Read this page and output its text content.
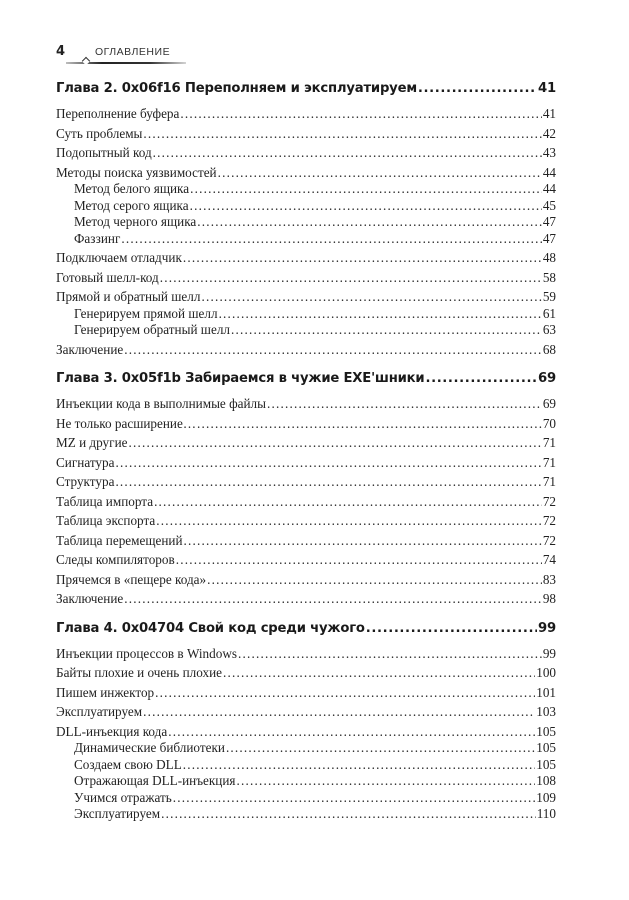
4	ОГЛАВЛЕНИЕ
Глава 2. 0x06f16 Переполняем и эксплуатируем .....	41
Переполнение буфера .....	41
Суть проблемы .....	42
Подопытный код .....	43
Методы поиска уязвимостей .....	44
Метод белого ящика .....	44
Метод серого ящика .....	45
Метод черного ящика .....	47
Фаззинг .....	47
Подключаем отладчик .....	48
Готовый шелл-код .....	58
Прямой и обратный шелл .....	59
Генерируем прямой шелл .....	61
Генерируем обратный шелл .....	63
Заключение .....	68
Глава 3. 0x05f1b Забираемся в чужие EXE'шники .....	69
Инъекции кода в выполнимые файлы .....	69
Не только расширение… .....	70
MZ и другие .....	71
Сигнатура .....	71
Структура .....	71
Таблица импорта .....	72
Таблица экспорта .....	72
Таблица перемещений .....	72
Следы компиляторов .....	74
Прячемся в «пещере кода» .....	83
Заключение .....	98
Глава 4. 0x04704 Свой код среди чужого .....	99
Инъекции процессов в Windows .....	99
Байты плохие и очень плохие .....	100
Пишем инжектор .....	101
Эксплуатируем .....	103
DLL-инъекция кода .....	105
Динамические библиотеки .....	105
Создаем свою DLL .....	105
Отражающая DLL-инъекция .....	108
Учимся отражать .....	109
Эксплуатируем .....	110
